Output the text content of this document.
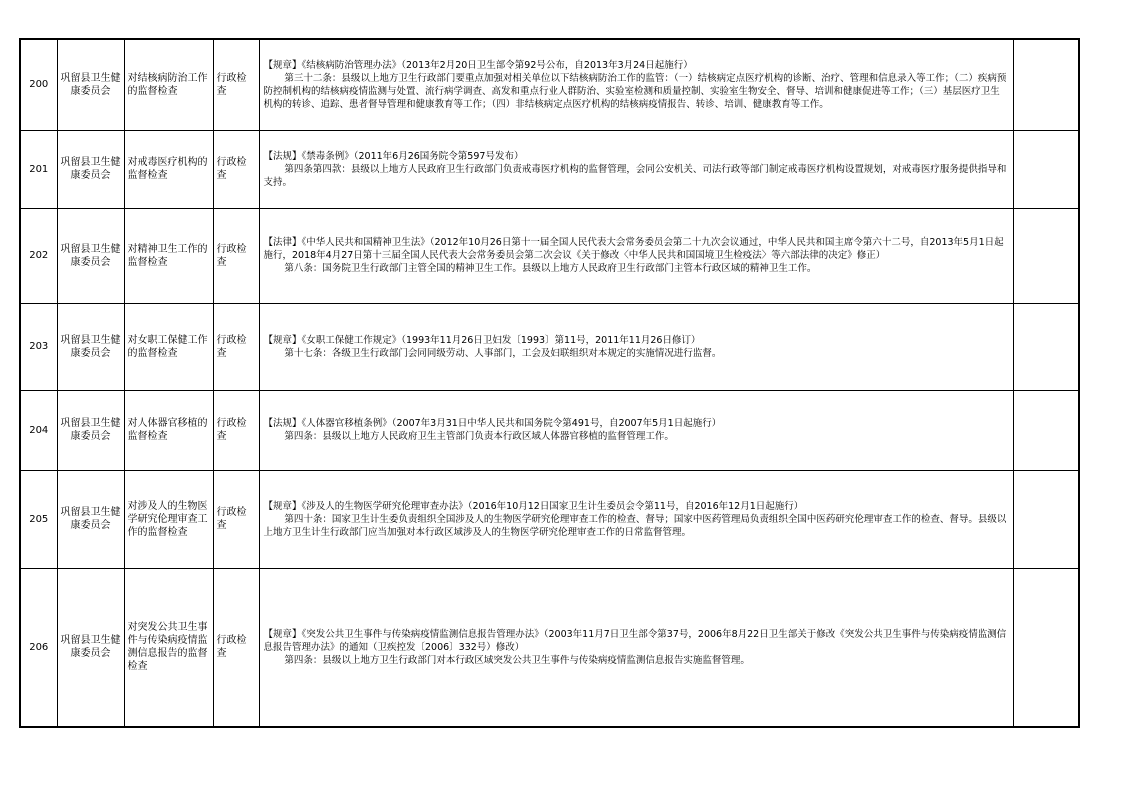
200	巩留县卫生健康委员会	对结核病防治工作的监督检查	行政检查	【规章】《结核病防治管理办法》（2013年2月20日卫生部令第92号公布，自2013年3月24日起施行）
第三十二条：县级以上地方卫生行政部门要重点加强对相关单位以下结核病防治工作的监管：（一）结核病定点医疗机构的诊断、治疗、管理和信息录入等工作；（二）疾病预防控制机构的结核病疫情监测与处置、流行病学调查、高发和重点行业人群防治、实验室检测和质量控制、实验室生物安全、督导、培训和健康促进等工作；（三）基层医疗卫生机构的转诊、追踪、患者督导管理和健康教育等工作；（四）非结核病定点医疗机构的结核病疫情报告、转诊、培训、健康教育等工作。	

201	巩留县卫生健康委员会	对戒毒医疗机构的监督检查	行政检查	【法规】《禁毒条例》（2011年6月26国务院令第597号发布）
第四条第四款：县级以上地方人民政府卫生行政部门负责戒毒医疗机构的监督管理，会同公安机关、司法行政等部门制定戒毒医疗机构设置规划，对戒毒医疗服务提供指导和支持。	

202	巩留县卫生健康委员会	对精神卫生工作的监督检查	行政检查	【法律】《中华人民共和国精神卫生法》（2012年10月26日第十一届全国人民代表大会常务委员会第二十九次会议通过，中华人民共和国主席令第六十二号，自2013年5月1日起施行，2018年4月27日第十三届全国人民代表大会常务委员会第二次会议《关于修改〈中华人民共和国国境卫生检疫法〉等六部法律的决定》修正）
第八条：国务院卫生行政部门主管全国的精神卫生工作。县级以上地方人民政府卫生行政部门主管本行政区域的精神卫生工作。	

203	巩留县卫生健康委员会	对女职工保健工作的监督检查	行政检查	【规章】《女职工保健工作规定》（1993年11月26日卫妇发〔1993〕第11号，2011年11月26日修订）
第十七条：各级卫生行政部门会同同级劳动、人事部门，工会及妇联组织对本规定的实施情况进行监督。	

204	巩留县卫生健康委员会	对人体器官移植的监督检查	行政检查	【法规】《人体器官移植条例》（2007年3月31日中华人民共和国务院令第491号，自2007年5月1日起施行）
第四条：县级以上地方人民政府卫生主管部门负责本行政区域人体器官移植的监督管理工作。	

205	巩留县卫生健康委员会	对涉及人的生物医学研究伦理审查工作的监督检查	行政检查	【规章】《涉及人的生物医学研究伦理审查办法》（2016年10月12日国家卫生计生委员会令第11号，自2016年12月1日起施行）
第四十条：国家卫生计生委负责组织全国涉及人的生物医学研究伦理审查工作的检查、督导；国家中医药管理局负责组织全国中医药研究伦理审查工作的检查、督导。县级以上地方卫生计生行政部门应当加强对本行政区域涉及人的生物医学研究伦理审查工作的日常监督管理。	

206	巩留县卫生健康委员会	对突发公共卫生事件与传染病疫情监测信息报告的监督检查	行政检查	【规章】《突发公共卫生事件与传染病疫情监测信息报告管理办法》（2003年11月7日卫生部令第37号，2006年8月22日卫生部关于修改《突发公共卫生事件与传染病疫情监测信息报告管理办法》的通知（卫疾控发〔2006〕332号）修改）
第四条：县级以上地方卫生行政部门对本行政区域突发公共卫生事件与传染病疫情监测信息报告实施监督管理。	
